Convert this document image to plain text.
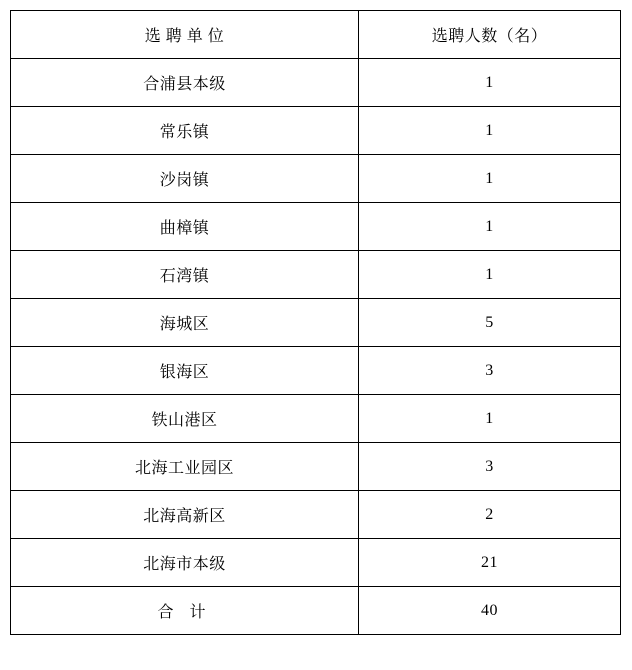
选 聘 单 位	选聘人数（名）
合浦县本级	1
常乐镇	1
沙岗镇	1
曲樟镇	1
石湾镇	1
海城区	5
银海区	3
铁山港区	1
北海工业园区	3
北海高新区	2
北海市本级	21
合 计	40
